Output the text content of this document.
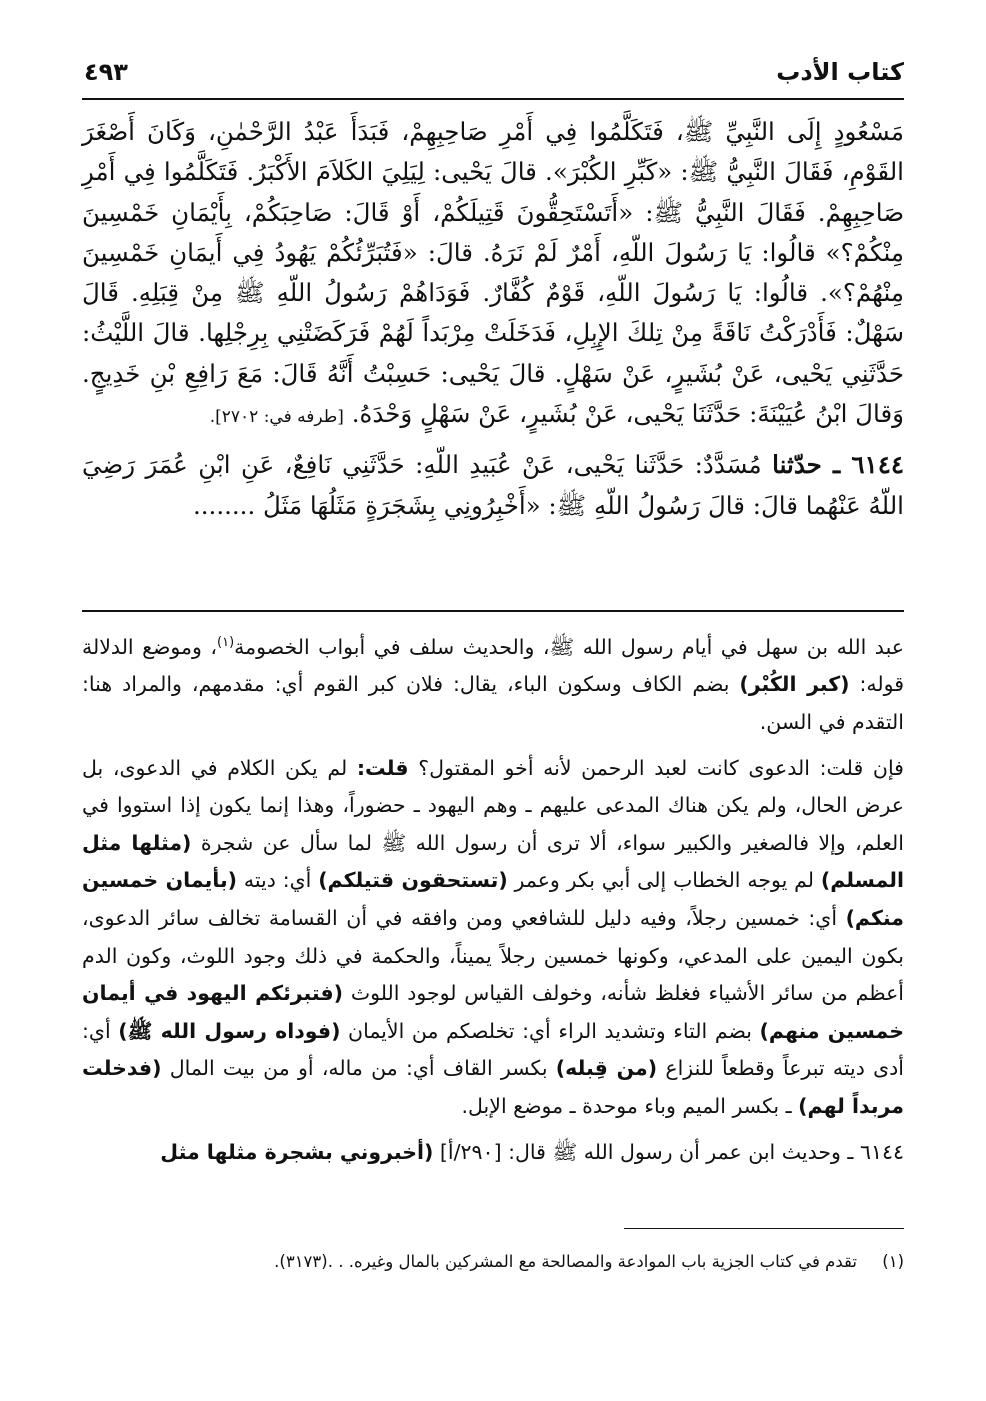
كتاب الأدب
٤٩٣

مَسْعُودٍ إِلَى النَّبِيِّ ﷺ، فَتَكَلَّمُوا فِي أَمْرِ صَاحِبِهِمْ، فَبَدَأَ عَبْدُ الرَّحْمٰنِ، وَكَانَ أَصْغَرَ القَوْمِ، فَقَالَ النَّبِيُّ ﷺ: «كَبِّرِ الكُبْرَ». قالَ يَحْيى: لِيَلِيَ الكَلاَمَ الأَكْبَرُ. فَتَكَلَّمُوا فِي أَمْرِ صَاحِبِهِمْ. فَقَالَ النَّبِيُّ ﷺ: «أَتَسْتَحِقُّونَ قَتِيلَكُمْ، أَوْ قَالَ: صَاحِبَكُمْ، بِأَيْمَانِ خَمْسِينَ مِنْكُمْ؟» قالُوا: يَا رَسُولَ اللّهِ، أَمْرٌ لَمْ نَرَهُ. قالَ: «فَتُبَرِّئُكُمْ يَهُودُ فِي أَيمَانِ خَمْسِينَ مِنْهُمْ؟». قالُوا: يَا رَسُولَ اللّهِ، قَوْمٌ كُفَّارٌ. فَوَدَاهُمْ رَسُولُ اللّهِ ﷺ مِنْ قِبَلِهِ. قَالَ سَهْلٌ: فَأَدْرَكْتُ نَاقَةً مِنْ تِلكَ الإِبِلِ، فَدَخَلَتْ مِرْبَداً لَهُمْ فَرَكَضَتْنِي بِرِجْلِها. قالَ اللَّيْثُ: حَدَّثَنِي يَحْيى، عَنْ بُشَيرٍ، عَنْ سَهْلٍ. قالَ يَحْيى: حَسِبْتُ أَنَّهُ قَالَ: مَعَ رَافِعِ بْنِ خَدِيجٍ. وَقالَ ابْنُ عُيَيْنَةَ: حَدَّثَنَا يَحْيى، عَنْ بُشَيرٍ، عَنْ سَهْلٍ وَحْدَهُ. [طرفه في: ٢٧٠٢].

٦١٤٤ ـ حدّثنا مُسَدَّدٌ: حَدَّثَنا يَحْيى، عَنْ عُبَيدِ اللّهِ: حَدَّثَنِي نَافِعٌ، عَنِ ابْنِ عُمَرَ رَضِيَ اللّهُ عَنْهُما قالَ: قالَ رَسُولُ اللّهِ ﷺ: «أَخْبِرُونِي بِشَجَرَةٍ مَثَلُهَا مَثَلُ ........

عبد الله بن سهل في أيام رسول الله ﷺ، والحديث سلف في أبواب الخصومة$^{(١)}$، وموضع الدلالة قوله: (كبر الكُبْر) بضم الكاف وسكون الباء، يقال: فلان كبر القوم أي: مقدمهم، والمراد هنا: التقدم في السن.

فإن قلت: الدعوى كانت لعبد الرحمن لأنه أخو المقتول؟ قلت: لم يكن الكلام في الدعوى، بل عرض الحال، ولم يكن هناك المدعى عليهم ـ وهم اليهود ـ حضوراً، وهذا إنما يكون إذا استووا في العلم، وإلا فالصغير والكبير سواء، ألا ترى أن رسول الله ﷺ لما سأل عن شجرة (مثلها مثل المسلم) لم يوجه الخطاب إلى أبي بكر وعمر (تستحقون قتيلكم) أي: ديته (بأيمان خمسين منكم) أي: خمسين رجلاً، وفيه دليل للشافعي ومن وافقه في أن القسامة تخالف سائر الدعوى، بكون اليمين على المدعي، وكونها خمسين رجلاً يميناً، والحكمة في ذلك وجود اللوث، وكون الدم أعظم من سائر الأشياء فغلظ شأنه، وخولف القياس لوجود اللوث (فتبرئكم اليهود في أيمان خمسين منهم) بضم التاء وتشديد الراء أي: تخلصكم من الأيمان (فوداه رسول الله ﷺ) أي: أدى ديته تبرعاً وقطعاً للنزاع (من قِبله) بكسر القاف أي: من ماله، أو من بيت المال (فدخلت مربداً لهم) ـ بكسر الميم وباء موحدة ـ موضع الإبل.

٦١٤٤ ـ وحديث ابن عمر أن رسول الله ﷺ قال: [٢٩٠/أ] (أخبروني بشجرة مثلها مثل

(١) تقدم في كتاب الجزية باب الموادعة والمصالحة مع المشركين بالمال وغيره. . .(٣١٧٣).
